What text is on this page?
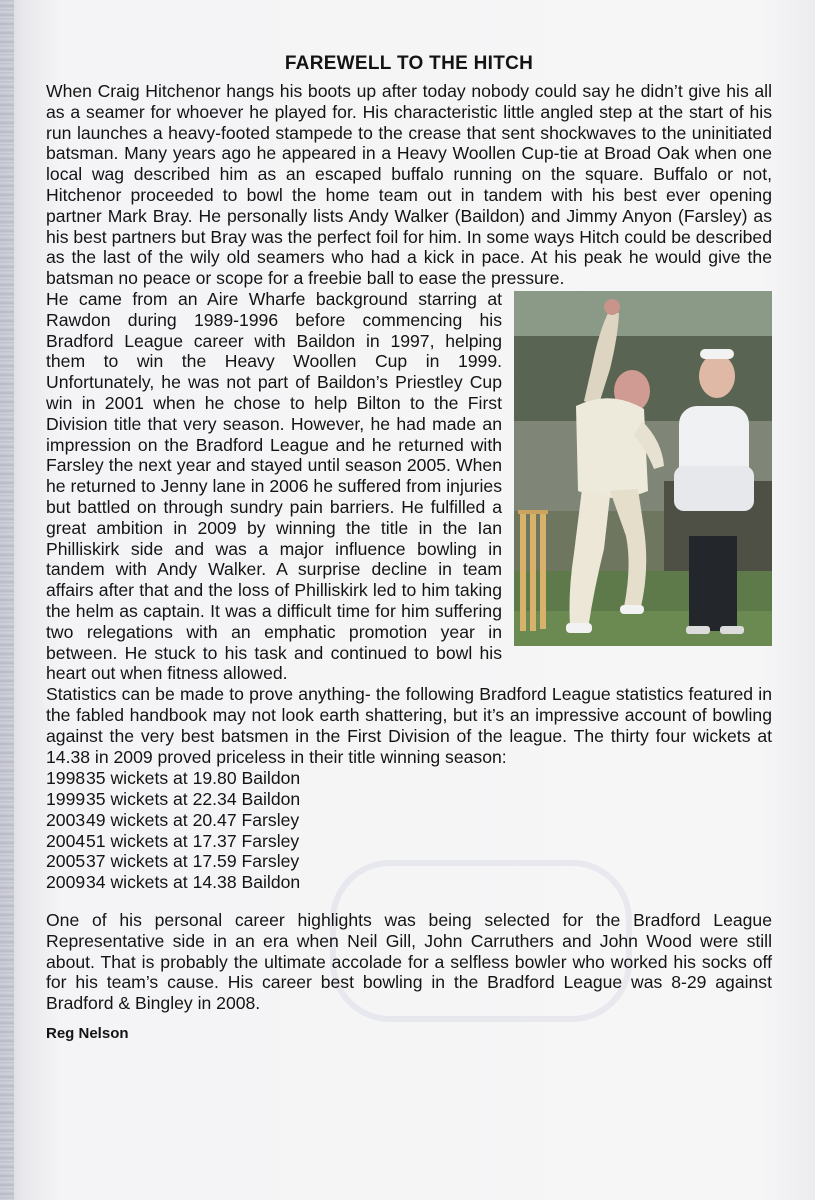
FAREWELL TO THE HITCH

When Craig Hitchenor hangs his boots up after today nobody could say he didn’t give his all as a seamer for whoever he played for. His characteristic little angled step at the start of his run launches a heavy-footed stampede to the crease that sent shockwaves to the uninitiated batsman. Many years ago he appeared in a Heavy Woollen Cup-tie at Broad Oak when one local wag described him as an escaped buffalo running on the square. Buffalo or not, Hitchenor proceeded to bowl the home team out in tandem with his best ever opening partner Mark Bray. He personally lists Andy Walker (Baildon) and Jimmy Anyon (Farsley) as his best partners but Bray was the perfect foil for him. In some ways Hitch could be described as the last of the wily old seamers who had a kick in pace. At his peak he would give the batsman no peace or scope for a freebie ball to ease the pressure.

He came from an Aire Wharfe background starring at Rawdon during 1989-1996 before commencing his Bradford League career with Baildon in 1997, helping them to win the Heavy Woollen Cup in 1999. Unfortunately, he was not part of Baildon’s Priestley Cup win in 2001 when he chose to help Bilton to the First Division title that very season. However, he had made an impression on the Bradford League and he returned with Farsley the next year and stayed until season 2005. When he returned to Jenny lane in 2006 he suffered from injuries but battled on through sundry pain barriers. He fulfilled a great ambition in 2009 by winning the title in the Ian Philliskirk side and was a major influence bowling in tandem with Andy Walker. A surprise decline in team affairs after that and the loss of Philliskirk led to him taking the helm as captain. It was a difficult time for him suffering two relegations with an emphatic promotion year in between. He stuck to his task and continued to bowl his heart out when fitness allowed.

Statistics can be made to prove anything- the following Bradford League statistics featured in the fabled handbook may not look earth shattering, but it’s an impressive account of bowling against the very best batsmen in the First Division of the league. The thirty four wickets at 14.38 in 2009 proved priceless in their title winning season:

1998	35 wickets at 19.80 Baildon
1999	35 wickets at 22.34 Baildon
2003	49 wickets at 20.47 Farsley
2004	51 wickets at 17.37 Farsley
2005	37 wickets at 17.59 Farsley
2009	34 wickets at 14.38 Baildon

One of his personal career highlights was being selected for the Bradford League Representative side in an era when Neil Gill, John Carruthers and John Wood were still about. That is probably the ultimate accolade for a selfless bowler who worked his socks off for his team’s cause. His career best bowling in the Bradford League was 8-29 against Bradford & Bingley in 2008.

Reg Nelson
